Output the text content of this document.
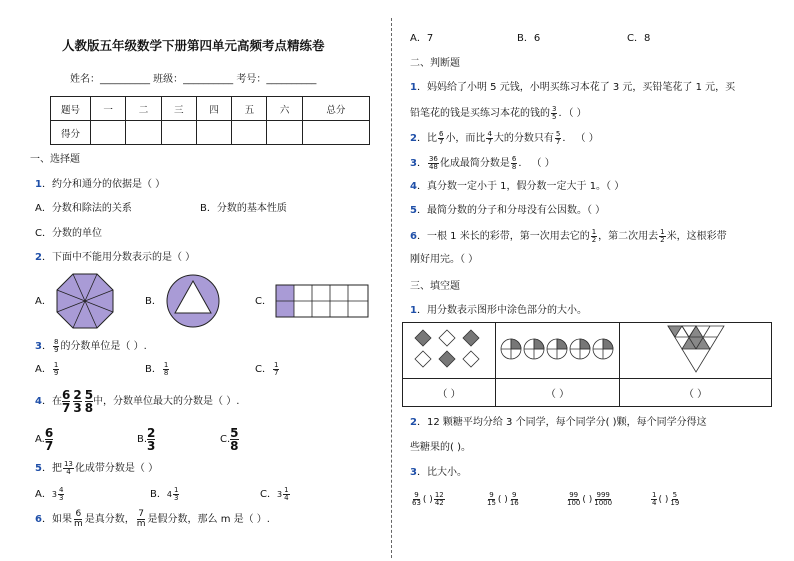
人教版五年级数学下册第四单元高频考点精练卷
姓名：__________ 班级：__________ 考号：__________
题号	一	二	三	四	五	六	总分
得分							
一、选择题
1．约分和通分的依据是（ ）
A．分数和除法的关系	B．分数的基本性质
C．分数的单位
2．下面中不能用分数表示的是（ ）
A．	B．	C．
3 ． $\frac{8}{9}$ 的分数单位是（ ）.
A． $\frac{1}{9}$	B． $\frac{1}{8}$	C． $\frac{1}{7}$
4 ．在 6
7
2
3
5
8 中，分数单位最大的分数是（ ）.
A. 6
7	B. 2
3	C. 5
8
5 ．把 $\frac{13}{4}$ 化成带分数是（ ）
A． $3 \frac{4}{3}$	B． $4 \frac{1}{3}$	C． $3 \frac{1}{4}$
6 ．如果 $\frac{6}{m}$ 是真分数， $\frac{7}{m}$ 是假分数，那么 m 是（ ）.
A．7	B．6	C．8
二、判断题
1．妈妈给了小明 5 元钱，小明买练习本花了 3 元，买铅笔花了 1 元，买
铅笔花的钱是买练习本花的钱的 $\frac{3}{5}$ ．（ ）
2 ．比 $\frac{6}{7}$ 小，而比 $\frac{4}{7}$ 大的分数只有 $\frac{5}{7}$ ． （ ）
3 ． $\frac{36}{48}$ 化成最简分数是 $\frac{6}{8}$ ． （ ）
4．真分数一定小于 1，假分数一定大于 1。（ ）
5．最简分数的分子和分母没有公因数。（ ）
6 ．一根 1 米长的彩带，第一次用去它的 $\frac{1}{2}$ ，第二次用去 $\frac{1}{2}$ 米，这根彩带
刚好用完。（ ）
三、填空题
1．用分数表示图形中涂色部分的大小。

（ ）	（ ）	（ ）
2．12 颗糖平均分给 3 个同学，每个同学分( )颗，每个同学分得这
些糖果的( )。
3．比大小。
$\frac{9}{63}$ ( ) $\frac{12}{42}$	$\frac{9}{15}$ ( ) $\frac{9}{16}$	$\frac{99}{100}$ ( ) $\frac{999}{1000}$	$\frac{1}{4}$ ( ) $\frac{5}{19}$
